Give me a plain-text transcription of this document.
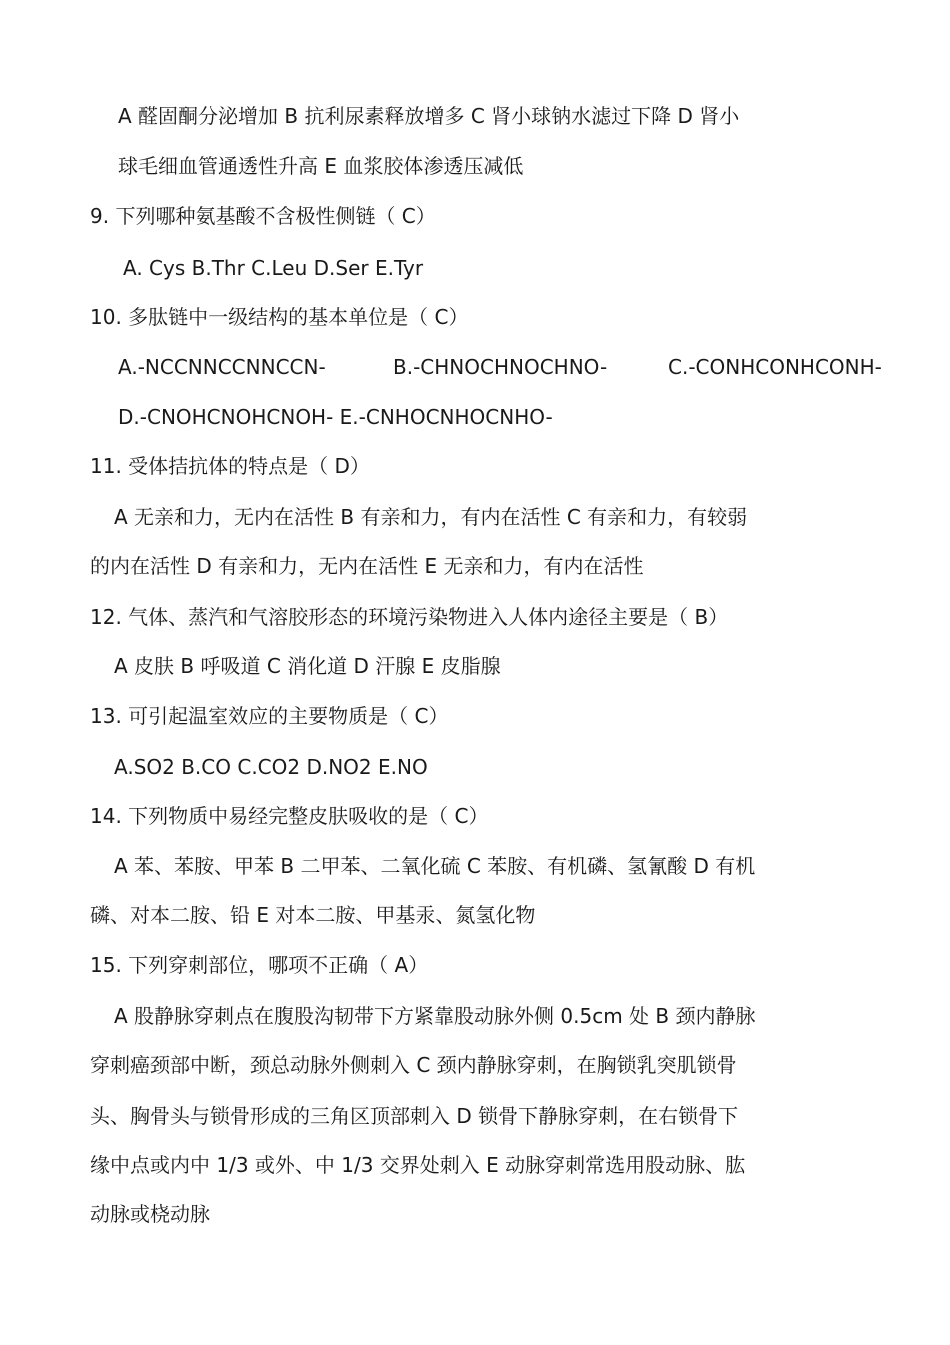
A 醛固酮分泌增加 B 抗利尿素释放增多 C 肾小球钠水滤过下降 D 肾小
球毛细血管通透性升高 E 血浆胶体渗透压减低
9. 下列哪种氨基酸不含极性侧链（ C）
A. Cys B.Thr C.Leu D.Ser E.Tyr
10. 多肽链中一级结构的基本单位是（ C）
A.-NCCNNCCNNCCN-	B.-CHNOCHNOCHNO-	C.-CONHCONHCONH-
D.-CNOHCNOHCNOH- E.-CNHOCNHOCNHO-
11. 受体拮抗体的特点是（ D）
A 无亲和力，无内在活性 B 有亲和力，有内在活性 C 有亲和力，有较弱
的内在活性 D 有亲和力，无内在活性 E 无亲和力，有内在活性
12. 气体、蒸汽和气溶胶形态的环境污染物进入人体内途径主要是（ B）
A 皮肤 B 呼吸道 C 消化道 D 汗腺 E 皮脂腺
13. 可引起温室效应的主要物质是（ C）
A.SO2 B.CO C.CO2 D.NO2 E.NO
14. 下列物质中易经完整皮肤吸收的是（ C）
A 苯、苯胺、甲苯 B 二甲苯、二氧化硫 C 苯胺、有机磷、氢氰酸 D 有机
磷、对本二胺、铅 E 对本二胺、甲基汞、氮氢化物
15. 下列穿刺部位，哪项不正确（ A）
A 股静脉穿刺点在腹股沟韧带下方紧靠股动脉外侧 0.5cm 处 B 颈内静脉
穿刺癌颈部中断，颈总动脉外侧刺入 C 颈内静脉穿刺，在胸锁乳突肌锁骨
头、胸骨头与锁骨形成的三角区顶部刺入 D 锁骨下静脉穿刺，在右锁骨下
缘中点或内中 1/3 或外、中 1/3 交界处刺入 E 动脉穿刺常选用股动脉、肱
动脉或桡动脉
